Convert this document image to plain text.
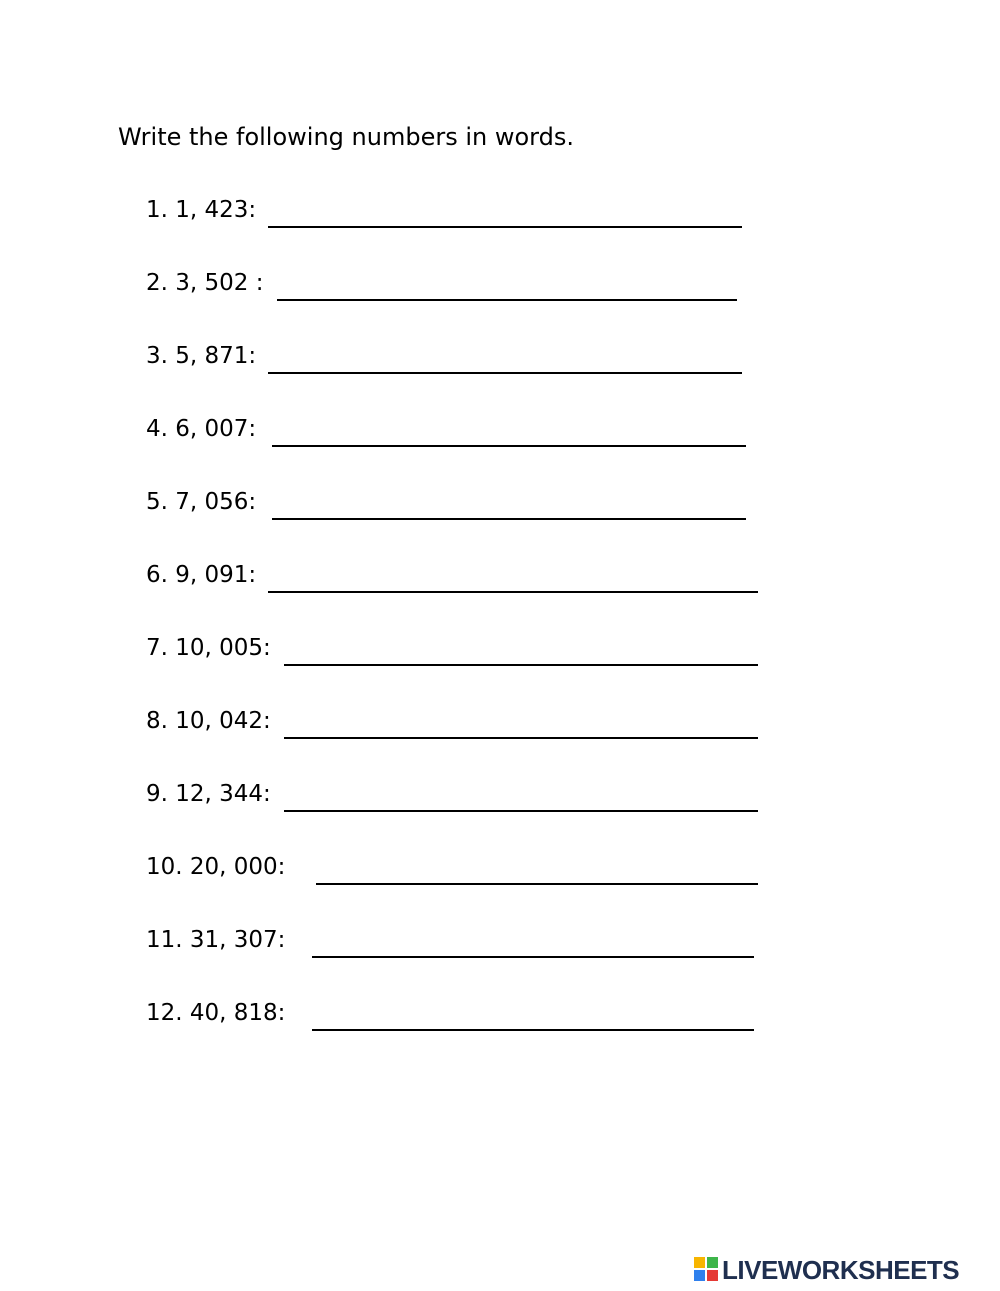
Write the following numbers in words.
1. 1, 423:
2. 3, 502 :
3. 5, 871:
4. 6, 007:
5. 7, 056:
6. 9, 091:
7. 10, 005:
8. 10, 042:
9. 12, 344:
10. 20, 000:
11. 31, 307:
12. 40, 818:
LIVEWORKSHEETS
